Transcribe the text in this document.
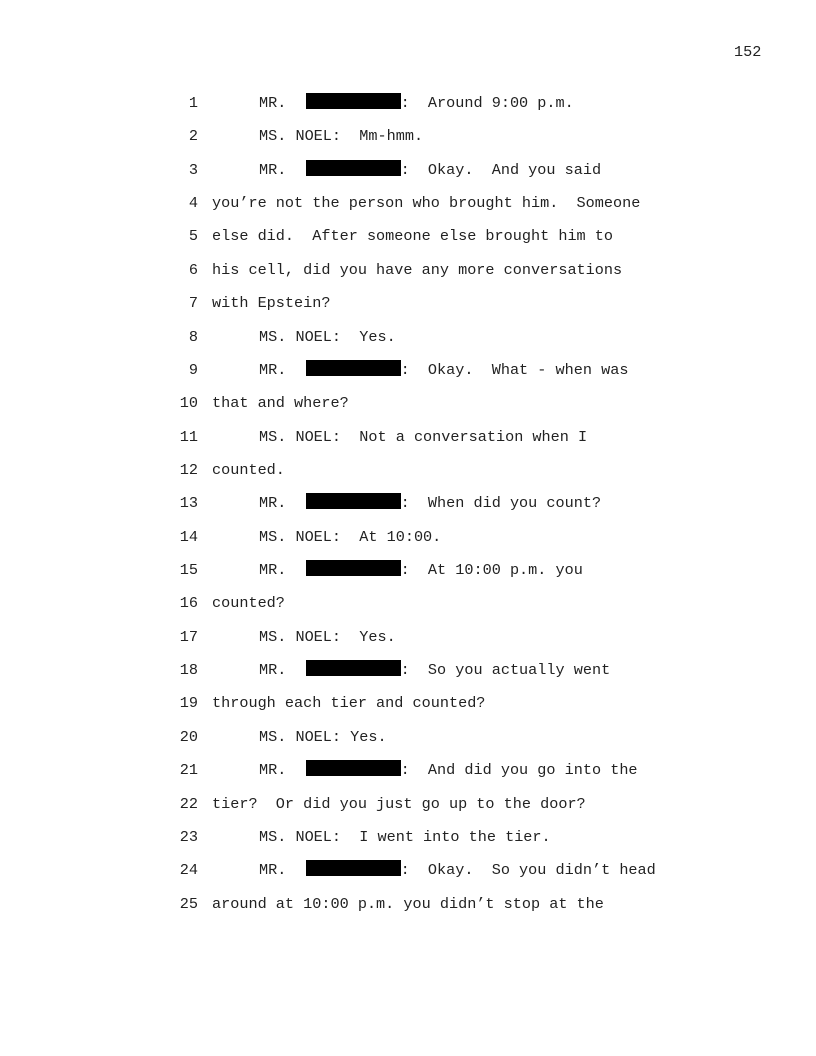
152
1	MR.	:  Around 9:00 p.m.
2	MS. NOEL:  Mm-hmm.
3	MR.	:  Okay.  And you said
4 you’re not the person who brought him.  Someone
5 else did.  After someone else brought him to
6 his cell, did you have any more conversations
7 with Epstein?
8	MS. NOEL:  Yes.
9	MR.	:  Okay.  What - when was
10 that and where?
11	MS. NOEL:  Not a conversation when I
12 counted.
13	MR.	:  When did you count?
14	MS. NOEL:  At 10:00.
15	MR.	:  At 10:00 p.m. you
16 counted?
17	MS. NOEL:  Yes.
18	MR.	:  So you actually went
19 through each tier and counted?
20	MS. NOEL: Yes.
21	MR.	:  And did you go into the
22 tier?  Or did you just go up to the door?
23	MS. NOEL:  I went into the tier.
24	MR.	:  Okay.  So you didn’t head
25 around at 10:00 p.m. you didn’t stop at the
